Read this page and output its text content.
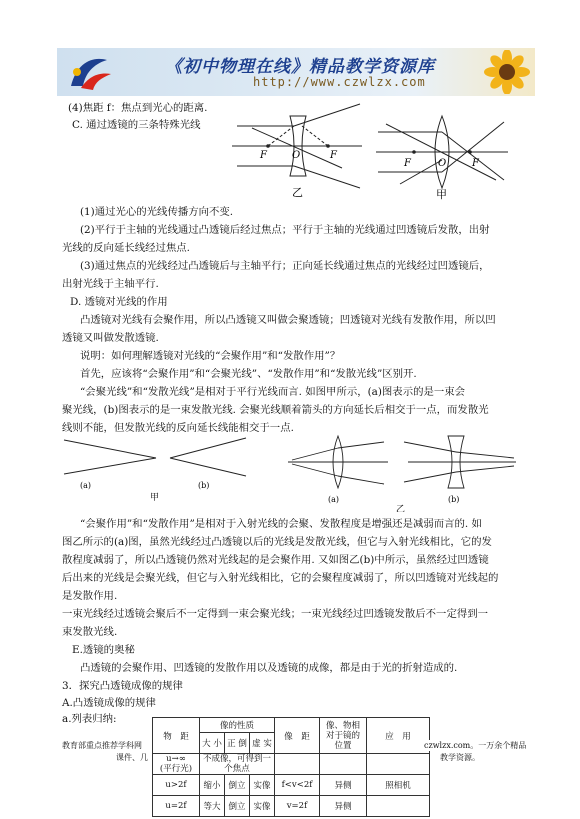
《初中物理在线》精品教学资源库
http://www.czwlzx.com
(4)焦距 f：焦点到光心的距离.
C. 通过透镜的三条特殊光线
F	O	F
乙
F	O	F
甲
(1)通过光心的光线传播方向不变.
(2)平行于主轴的光线通过凸透镜后经过焦点；平行于主轴的光线通过凹透镜后发散，出射
光线的反向延长线经过焦点.
(3)通过焦点的光线经过凸透镜后与主轴平行；正向延长线通过焦点的光线经过凹透镜后，
出射光线于主轴平行.
D. 透镜对光线的作用
凸透镜对光线有会聚作用，所以凸透镜又叫做会聚透镜；凹透镜对光线有发散作用，所以凹
透镜又叫做发散透镜.
说明：如何理解透镜对光线的“会聚作用”和“发散作用”？
首先，应该将“会聚作用”和“会聚光线”、“发散作用”和“发散光线”区别开.
“会聚光线”和“发散光线”是相对于平行光线而言. 如图甲所示，(a)图表示的是一束会
聚光线，(b)图表示的是一束发散光线. 会聚光线顺着箭头的方向延长后相交于一点，而发散光
线则不能，但发散光线的反向延长线能相交于一点.
(a)	(b)
甲	(a)	(b)
乙
“会聚作用”和“发散作用”是相对于入射光线的会聚、发散程度是增强还是减弱而言的. 如
图乙所示的(a)图，虽然光线经过凸透镜以后的光线是发散光线，但它与入射光线相比，它的发
散程度减弱了，所以凸透镜仍然对光线起的是会聚作用. 又如图乙(b)中所示，虽然经过凹透镜
后出来的光线是会聚光线，但它与入射光线相比，它的会聚程度减弱了，所以凹透镜对光线起的
是发散作用.
一束光线经过透镜会聚后不一定得到一束会聚光线；一束光线经过凹透镜发散后不一定得到一
束发散光线.
E.透镜的奥秘
凸透镜的会聚作用、凹透镜的发散作用以及透镜的成像，都是由于光的折射造成的.
3．探究凸透镜成像的规律
A.凸透镜成像的规律
a.列表归纳:
物　距	像的性质			像　距	像、物相对于镜的位置	应　用
	大 小	正 倒	虚 实			
u→∞
(平行光)	不成像，可得到一个焦点					
u>2f	缩小	倒立	实像	f<v<2f	异侧	照相机
u=2f	等大	倒立	实像	v=2f	异侧	
教育部重点推荐学科网	czwlzx.com。一万余个精品
课件、几	教学资源。
